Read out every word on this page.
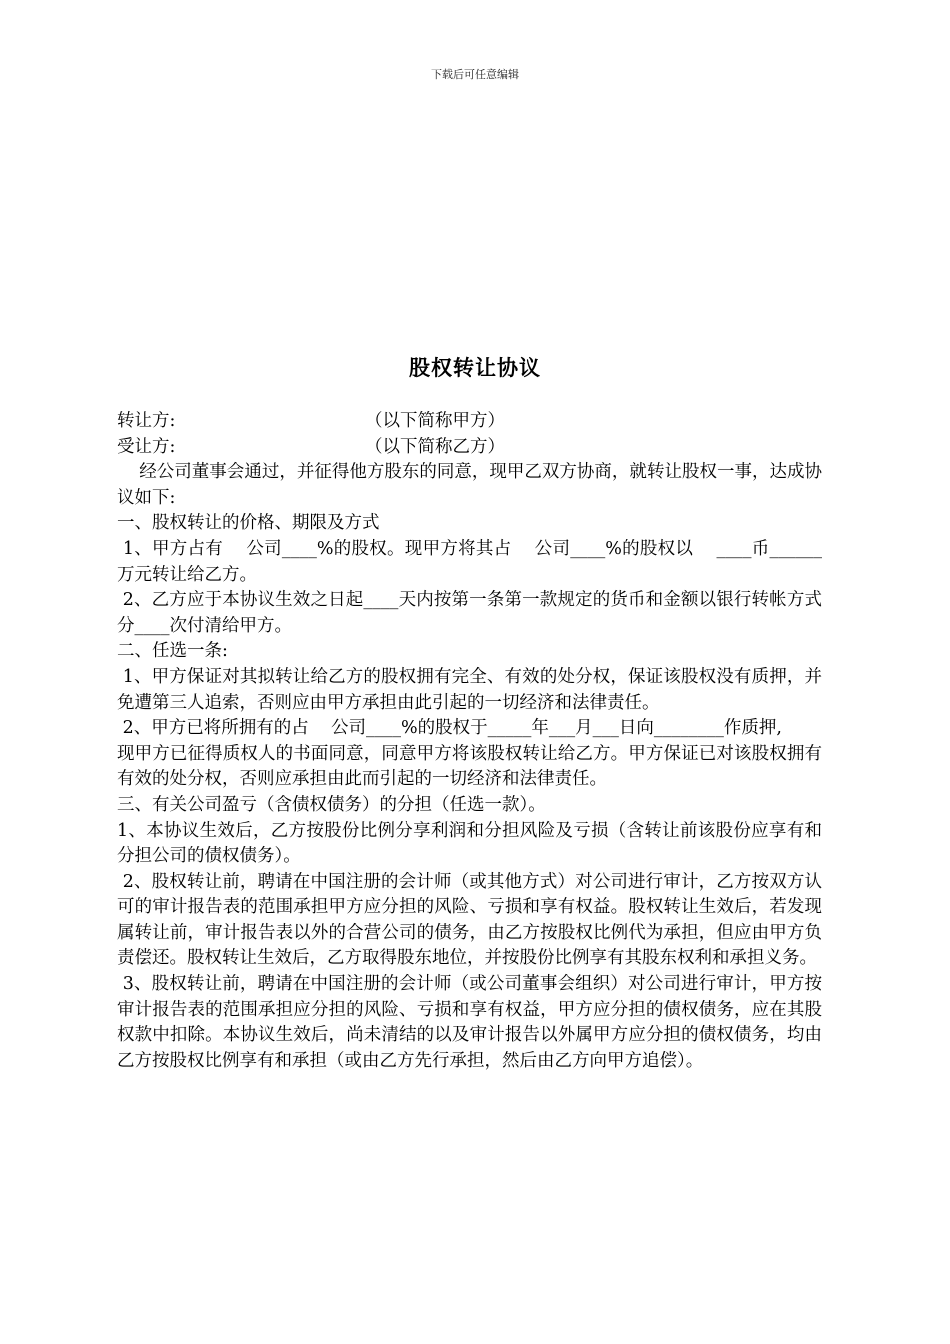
下载后可任意编辑
股权转让协议

转让方:	（以下简称甲方）

受让方:	（以下简称乙方）

经公司董事会通过，并征得他方股东的同意，现甲乙双方协商，就转让股权一事，达成协议如下:

一、股权转让的价格、期限及方式

1、甲方占有    公司____%的股权。现甲方将其占    公司____%的股权以    ____币______万元转让给乙方。

2、乙方应于本协议生效之日起____天内按第一条第一款规定的货币和金额以银行转帐方式分____次付清给甲方。

二、任选一条:

1、甲方保证对其拟转让给乙方的股权拥有完全、有效的处分权，保证该股权没有质押，并免遭第三人追索，否则应由甲方承担由此引起的一切经济和法律责任。

2、甲方已将所拥有的占    公司____%的股权于_____年___月___日向________作质押,

现甲方已征得质权人的书面同意，同意甲方将该股权转让给乙方。甲方保证已对该股权拥有有效的处分权，否则应承担由此而引起的一切经济和法律责任。

三、有关公司盈亏（含债权债务）的分担（任选一款）。

1、本协议生效后，乙方按股份比例分享利润和分担风险及亏损（含转让前该股份应享有和分担公司的债权债务）。

2、股权转让前，聘请在中国注册的会计师（或其他方式）对公司进行审计，乙方按双方认可的审计报告表的范围承担甲方应分担的风险、亏损和享有权益。股权转让生效后，若发现属转让前，审计报告表以外的合营公司的债务，由乙方按股权比例代为承担，但应由甲方负责偿还。股权转让生效后，乙方取得股东地位，并按股份比例享有其股东权利和承担义务。

3、股权转让前，聘请在中国注册的会计师（或公司董事会组织）对公司进行审计，甲方按审计报告表的范围承担应分担的风险、亏损和享有权益，甲方应分担的债权债务，应在其股权款中扣除。本协议生效后，尚未清结的以及审计报告以外属甲方应分担的债权债务，均由乙方按股权比例享有和承担（或由乙方先行承担，然后由乙方向甲方追偿）。
